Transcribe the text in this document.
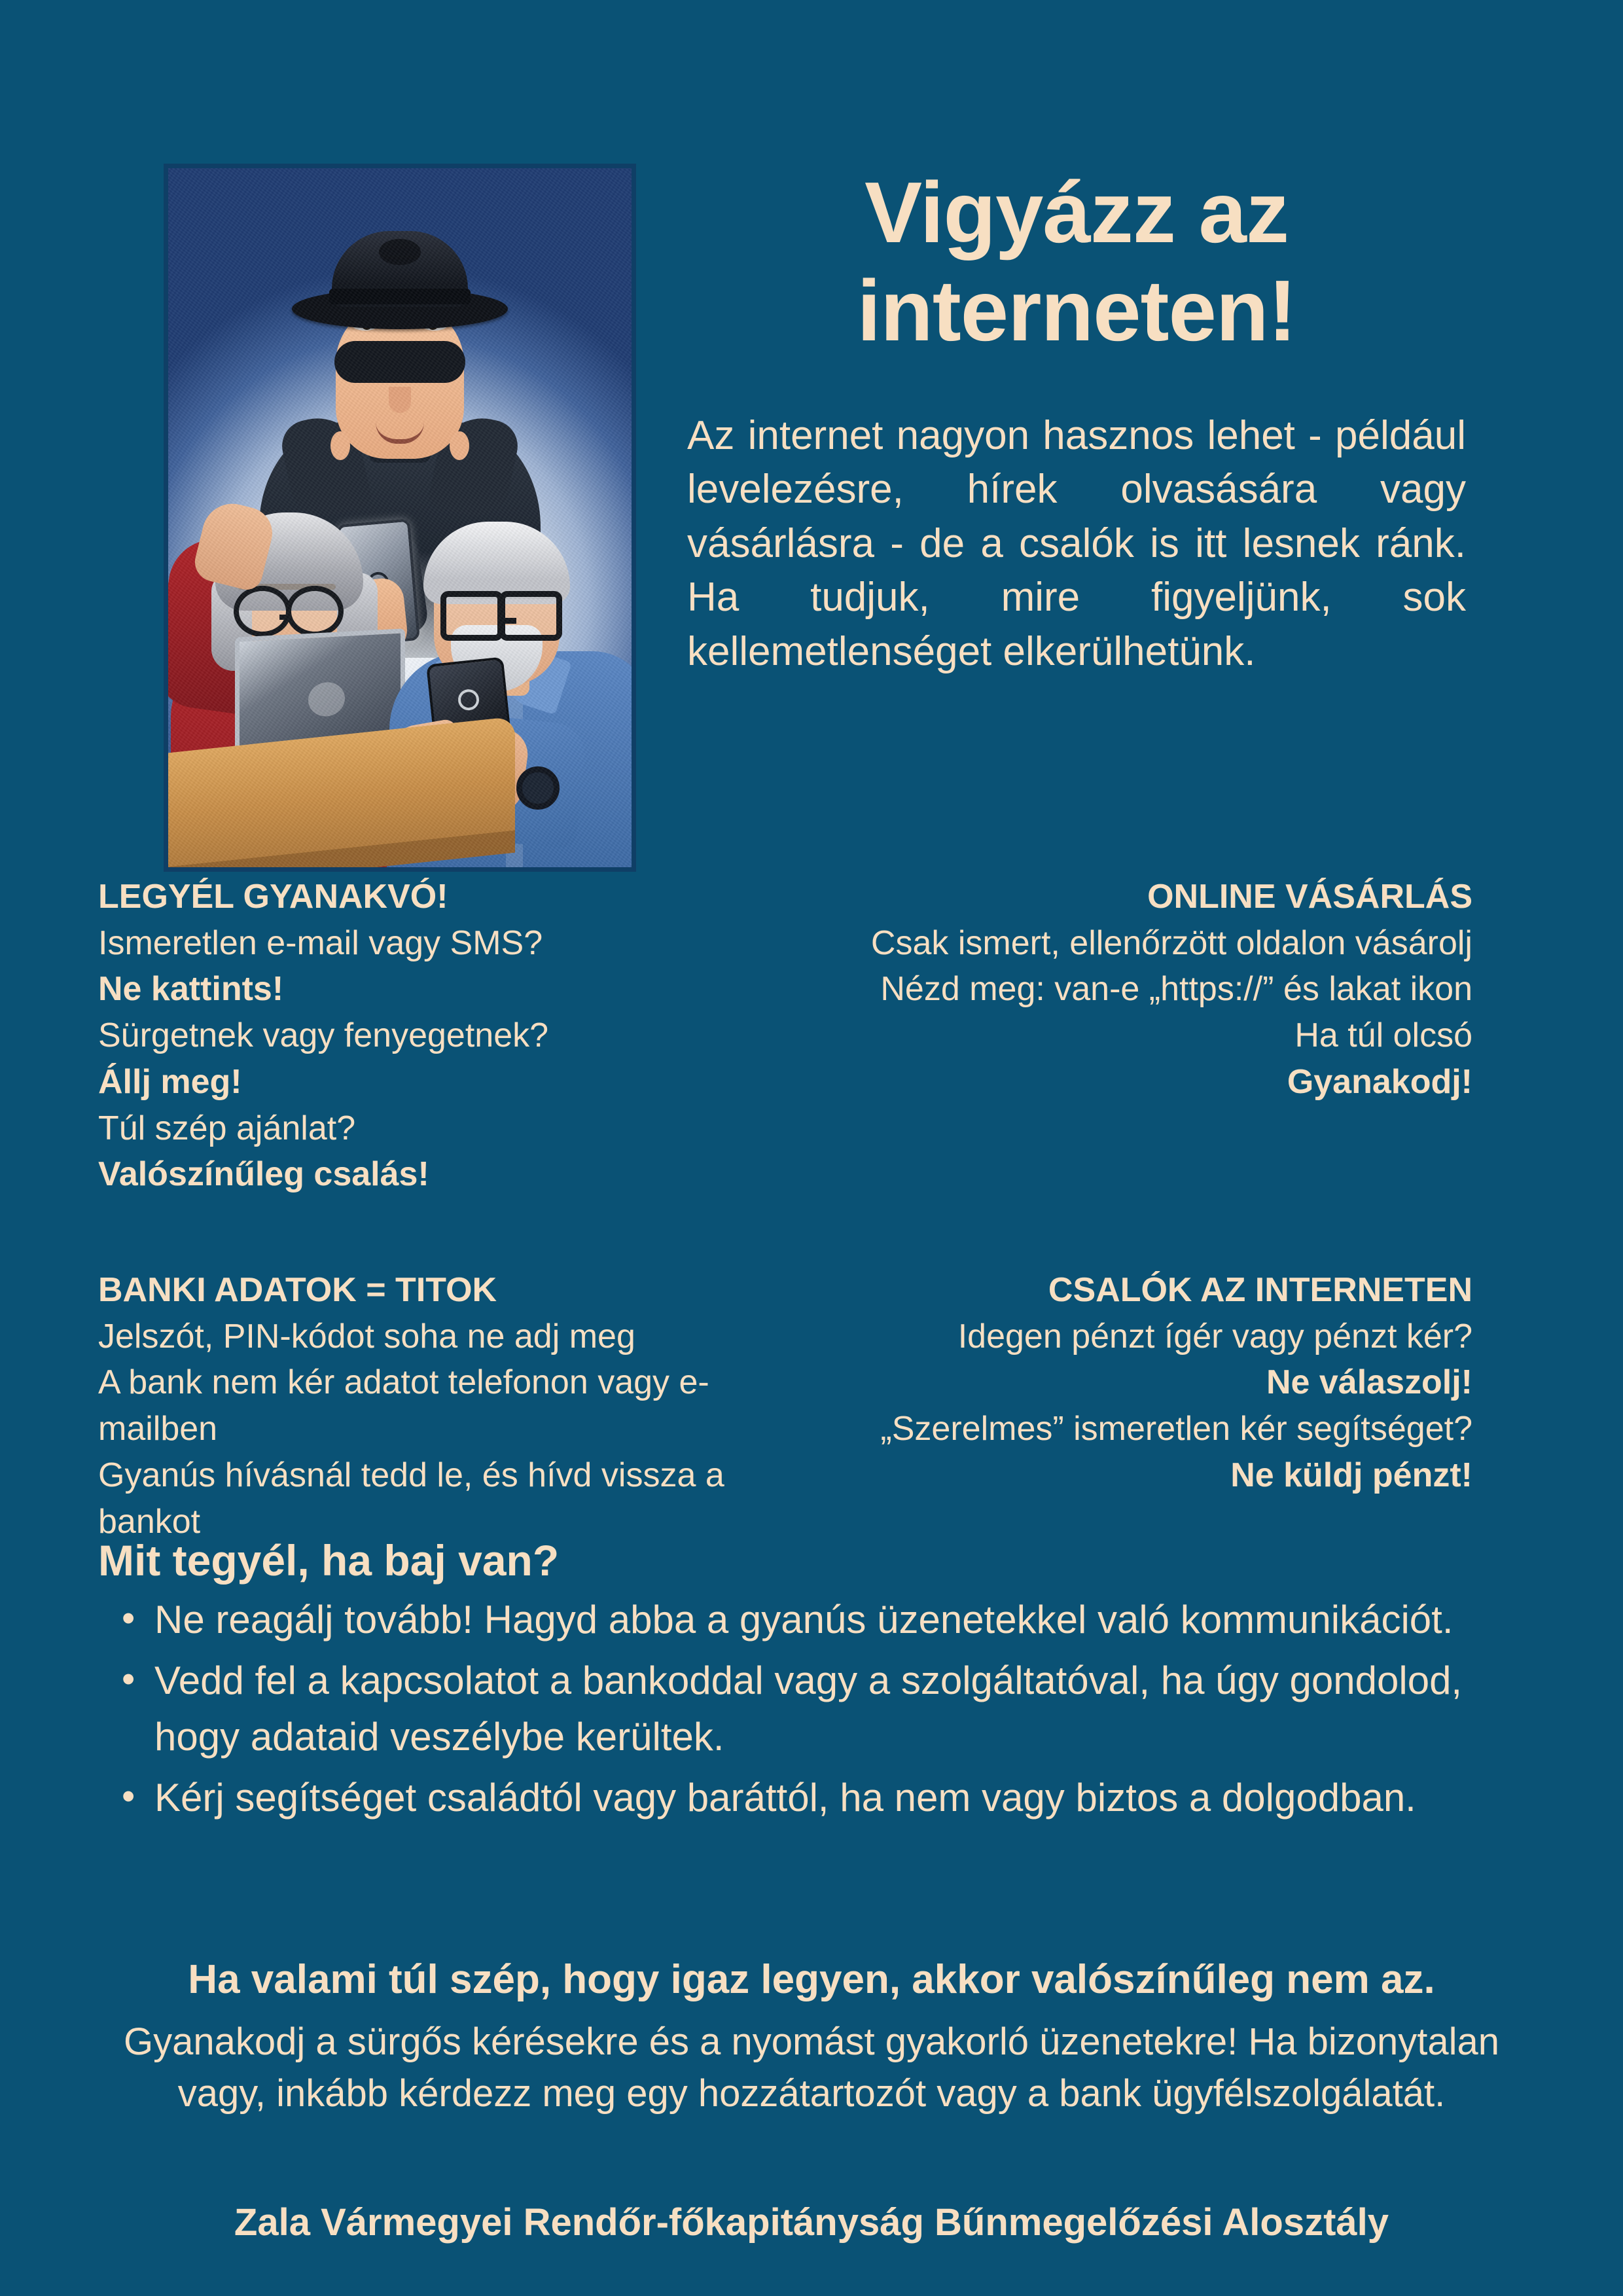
Vigyázz az
interneten!

Az internet nagyon hasznos lehet - például levelezésre, hírek olvasására vagy vásárlásra - de a csalók is itt lesnek ránk. Ha tudjuk, mire figyeljünk, sok kellemetlenséget elkerülhetünk.

LEGYÉL GYANAKVÓ!
Ismeretlen e-mail vagy SMS?
Ne kattints!
Sürgetnek vagy fenyegetnek?
Állj meg!
Túl szép ajánlat?
Valószínűleg csalás!
ONLINE VÁSÁRLÁS
Csak ismert, ellenőrzött oldalon vásárolj
Nézd meg: van-e „https://” és lakat ikon
Ha túl olcsó
Gyanakodj!
BANKI ADATOK = TITOK
Jelszót, PIN-kódot soha ne adj meg
A bank nem kér adatot telefonon vagy e-mailben
Gyanús hívásnál tedd le, és hívd vissza a bankot
CSALÓK AZ INTERNETEN
Idegen pénzt ígér vagy pénzt kér?
Ne válaszolj!
„Szerelmes” ismeretlen kér segítséget?
Ne küldj pénzt!
Mit tegyél, ha baj van?
• Ne reagálj tovább! Hagyd abba a gyanús üzenetekkel való kommunikációt.
• Vedd fel a kapcsolatot a bankoddal vagy a szolgáltatóval, ha úgy gondolod, hogy adataid veszélybe kerültek.
• Kérj segítséget családtól vagy baráttól, ha nem vagy biztos a dolgodban.

Ha valami túl szép, hogy igaz legyen, akkor valószínűleg nem az.

Gyanakodj a sürgős kérésekre és a nyomást gyakorló üzenetekre! Ha bizonytalan vagy, inkább kérdezz meg egy hozzátartozót vagy a bank ügyfélszolgálatát.

Zala Vármegyei Rendőr-főkapitányság Bűnmegelőzési Alosztály
